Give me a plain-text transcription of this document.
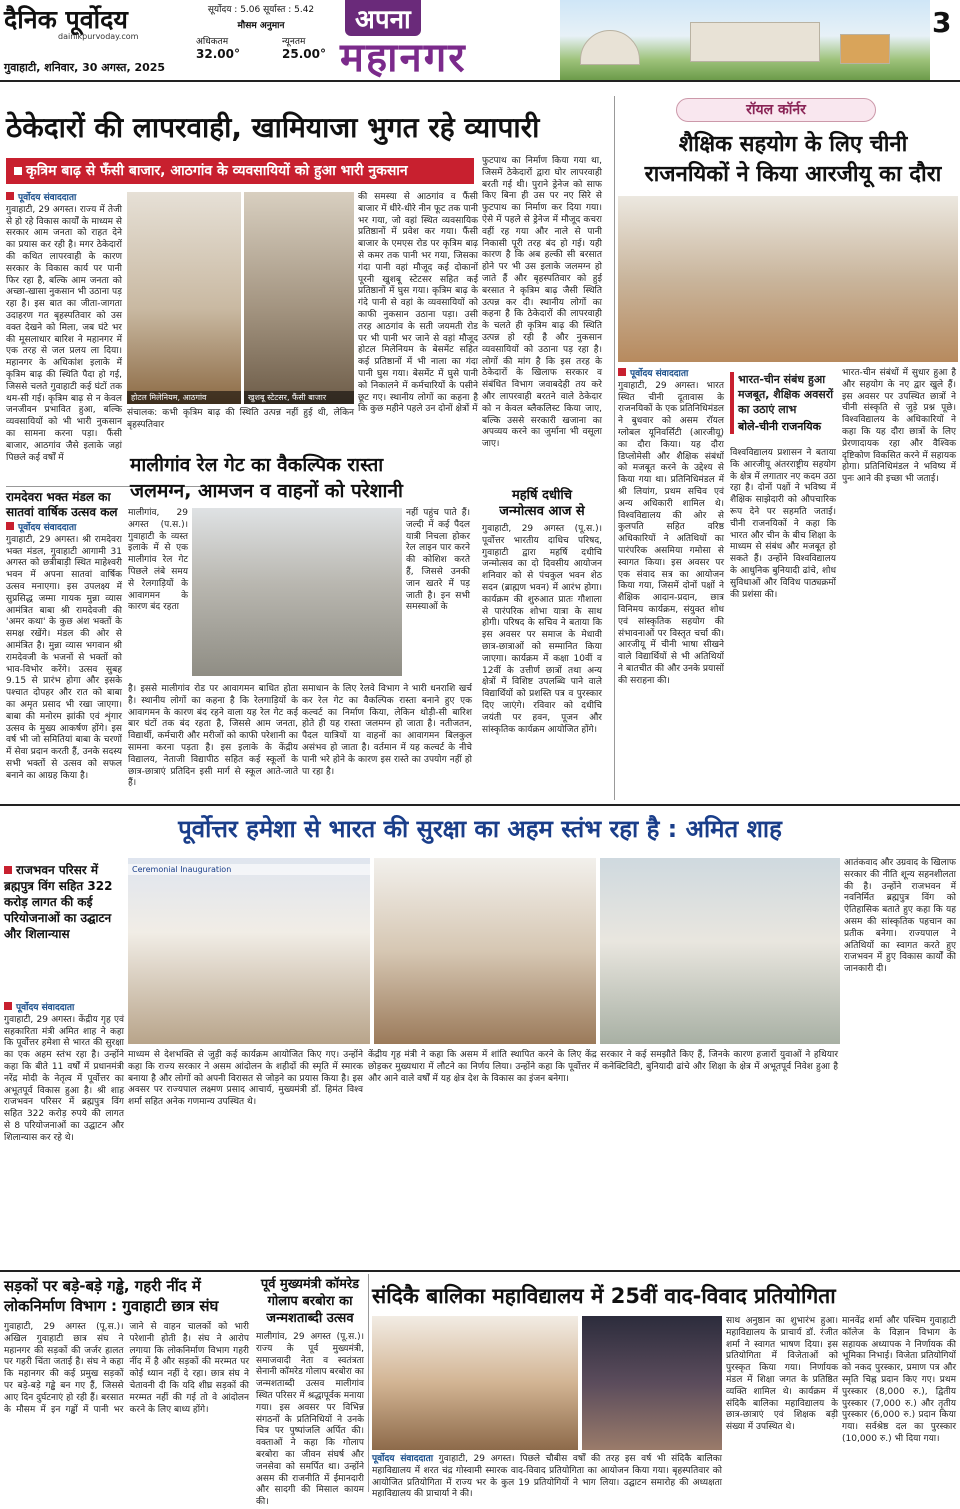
दैनिक पूर्वोदय
dainikpurvoday.com
गुवाहाटी, शनिवार, 30 अगस्त, 2025
सूर्योदय : 5.06 सूर्यास्त : 5.42
मौसम अनुमान
अधिकतम
32.00°
न्यूनतम
25.00°
अपना
महानगर
3
ठेकेदारों की लापरवाही, खामियाजा भुगत रहे व्यापारी
कृत्रिम बाढ़ से फँसी बाजार, आठगांव के व्यवसायियों को हुआ भारी नुकसान
पूर्वोदय संवाददाता
गुवाहाटी, 29 अगस्त। राज्य में तेजी से हो रहे विकास कार्यों के माध्यम से सरकार आम जनता को राहत देने का प्रयास कर रही है। मगर ठेकेदारों की कथित लापरवाही के कारण सरकार के विकास कार्य पर पानी फिर रहा है, बल्कि आम जनता को अच्छा-खासा नुकसान भी उठाना पड़ रहा है। इस बात का जीता-जागता उदाहरण गत बृहस्पतिवार को उस वक्त देखने को मिला, जब घंटे भर की मूसलाधार बारिश ने महानगर में एक तरह से जल प्रलय ला दिया। महानगर के अधिकांश इलाके में कृत्रिम बाढ़ की स्थिति पैदा हो गई, जिससे चलते गुवाहाटी कई घंटों तक थम-सी गई। कृत्रिम बाढ़ से न केवल जनजीवन प्रभावित हुआ, बल्कि व्यवसायियों को भी भारी नुकसान का सामना करना पड़ा। फैंसी बाजार, आठगांव जैसे इलाके जहां पिछले कई वर्षों में
होटल मिलेनियम, आठगांव	खुशबू स्टेटसर, फैंसी बाजार
संचालक: कभी कृत्रिम बाढ़ की स्थिति उत्पन्न नहीं हुई थी, लेकिन बृहस्पतिवार
की समस्या से आठगांव व फैंसी बाजार में धीरे-धीरे नीन फूट तक पानी भर गया, जो वहां स्थित व्यवसायिक प्रतिष्ठानों में प्रवेश कर गया। फैंसी बाजार के एमएस रोड पर कृत्रिम बाढ़ से कमर तक पानी भर गया, जिसका गंदा पानी वहां मौजूद कई दोकानों पूरनी खुशबू स्टेटसर सहित कई प्रतिष्ठानों में घुस गया। कृत्रिम बाढ़ के गंदे पानी से वहां के व्यवसायियों को काफी नुकसान उठाना पड़ा। उसी तरह आठगांव के सती जयमती रोड पर भी पानी भर जाने से वहां मौजूद होटल मिलेनियम के बेसमेंट सहित कई प्रतिष्ठानों में भी नाला का गंदा पानी घुस गया। बेसमेंट में घुसे पानी को निकालने में कर्मचारियों के पसीने छूट गए। स्थानीय लोगों का कहना है कि कुछ महीने पहले उन दोनों क्षेत्रों में
फुटपाथ का निर्माण किया गया था, जिसमें ठेकेदारों द्वारा घोर लापरवाही बरती गई थी। पुराने ड्रेनेज को साफ किए बिना ही उस पर नए सिरे से फुटपाथ का निर्माण कर दिया गया। ऐसे में पहले से ड्रेनेज में मौजूद कचरा वहीं रह गया और नाले से पानी निकासी पूरी तरह बंद हो गई। यही कारण है कि अब हल्की सी बरसात होने पर भी उस इलाके जलमग्न हो जाते हैं और बृहस्पतिवार को हुई बरसात ने कृत्रिम बाढ़ जैसी स्थिति उत्पन्न कर दी। स्थानीय लोगों का कहना है कि ठेकेदारों की लापरवाही के चलते ही कृत्रिम बाढ़ की स्थिति उत्पन्न हो रही है और नुकसान व्यवसायियों को उठाना पड़ रहा है। लोगों की मांग है कि इस तरह के ठेकेदारों के खिलाफ सरकार व संबंधित विभाग जवाबदेही तय करे और लापरवाही बरतने वाले ठेकेदार को न केवल ब्लैकलिस्ट किया जाए, बल्कि उससे सरकारी खजाना का अपव्यय करने का जुर्माना भी वसूला जाए।
रामदेवरा भक्त मंडल का सातवां वार्षिक उत्सव कल
पूर्वोदय संवाददाता
गुवाहाटी, 29 अगस्त। श्री रामदेवरा भक्त मंडल, गुवाहाटी आगामी 31 अगस्त को छत्रीबाड़ी स्थित माहेश्वरी भवन में अपना सातवां वार्षिक उत्सव मनाएगा। इस उपलक्ष्य में सुप्रसिद्ध जम्मा गायक मुन्ना व्यास आमंत्रित बाबा श्री रामदेवजी की 'अमर कथा' के कुछ अंश भक्तों के समक्ष रखेंगे। मंडल की ओर से आमंत्रित है। मुन्ना व्यास भगवान श्री रामदेवजी के भजनों से भक्तों को भाव-विभोर करेंगे। उत्सव सुबह 9.15 से प्रारंभ होगा और इसके पश्चात दोपहर और रात को बाबा का अमृत प्रसाद भी रखा जाएगा। बाबा की मनोरम झांकी एवं शृंगार उत्सव के मुख्य आकर्षण होंगे। इस वर्ष भी जो समितियां बाबा के चरणों में सेवा प्रदान करती हैं, उनके सदस्य सभी भक्तों से उत्सव को सफल बनाने का आग्रह किया है।
मालीगांव रेल गेट का वैकल्पिक रास्ता
जलमग्न, आमजन व वाहनों को परेशानी
मालीगांव, 29 अगस्त (प.स.)। गुवाहाटी के व्यस्त इलाके में से एक मालीगांव रेल गेट पिछले लंबे समय से रेलगाड़ियों के आवागमन के कारण बंद रहता
नहीं पहुंच पाते हैं। जल्दी में कई पैदल यात्री निचला होकर रेल लाइन पार करने की कोशिश करते हैं, जिससे उनकी जान खतरे में पड़ जाती है। इन सभी समस्याओं के
है। इससे मालीगांव रोड पर आवागमन बाधित होता है। स्थानीय लोगों का कहना है कि रेलगाड़ियों के आवागमन के कारण बंद रहने वाला यह रेल गेट कई बार घंटों तक बंद रहता है, जिससे आम जनता, विद्यार्थी, कर्मचारी और मरीजों को काफी परेशानी का सामना करना पड़ता है। इस इलाके के केंद्रीय विद्यालय, नेताजी विद्यापीठ सहित कई स्कूलों के छात्र-छात्राएं प्रतिदिन इसी मार्ग से स्कूल आते-जाते हैं।
समाधान के लिए रेलवे विभाग ने भारी धनराशि खर्च कर रेल गेट का वैकल्पिक रास्ता बनाने हुए एक कल्वर्ट का निर्माण किया, लेकिन थोड़ी-सी बारिश होते ही यह रास्ता जलमग्न हो जाता है। नतीजतन, पैदल यात्रियों या वाहनों का आवागमन बिलकुल असंभव हो जाता है। वर्तमान में यह कल्वर्ट के नीचे पानी भरे होने के कारण इस रास्ते का उपयोग नहीं हो पा रहा है।
महर्षि दधीचि
जन्मोत्सव आज से
गुवाहाटी, 29 अगस्त (पू.स.)। पूर्वोत्तर भारतीय दाधिच परिषद, गुवाहाटी द्वारा महर्षि दधीचि जन्मोत्सव का दो दिवसीय आयोजन शनिवार को से पंचकुल भवन शेठ सदन (ब्राह्मण भवन) में आरंभ होगा। कार्यक्रम की शुरुआत प्रातः गौशाला से पारंपरिक शोभा यात्रा के साथ होगी। परिषद के सचिव ने बताया कि इस अवसर पर समाज के मेधावी छात्र-छात्राओं को सम्मानित किया जाएगा। कार्यक्रम में कक्षा 10वीं व 12वीं के उत्तीर्ण छात्रों तथा अन्य क्षेत्रों में विशिष्ट उपलब्धि पाने वाले विद्यार्थियों को प्रशस्ति पत्र व पुरस्कार दिए जाएंगे। रविवार को दधीचि जयंती पर हवन, पूजन और सांस्कृतिक कार्यक्रम आयोजित होंगे।
रॉयल कॉर्नर
शैक्षिक सहयोग के लिए चीनी
राजनयिकों ने किया आरजीयू का दौरा
पूर्वोदय संवाददाता
गुवाहाटी, 29 अगस्त। भारत स्थित चीनी दूतावास के राजनयिकों के एक प्रतिनिधिमंडल ने बुधवार को असम रॉयल ग्लोबल यूनिवर्सिटी (आरजीयू) का दौरा किया। यह दौरा डिप्लोमेसी और शैक्षिक संबंधों को मजबूत करने के उद्देश्य से किया गया था। प्रतिनिधिमंडल में श्री लियांग, प्रथम सचिव एवं अन्य अधिकारी शामिल थे। विश्वविद्यालय की ओर से कुलपति सहित वरिष्ठ अधिकारियों ने अतिथियों का पारंपरिक असमिया गमोसा से स्वागत किया। इस अवसर पर एक संवाद सत्र का आयोजन किया गया, जिसमें दोनों पक्षों ने शैक्षिक आदान-प्रदान, छात्र विनिमय कार्यक्रम, संयुक्त शोध एवं सांस्कृतिक सहयोग की संभावनाओं पर विस्तृत चर्चा की। आरजीयू में चीनी भाषा सीखने वाले विद्यार्थियों से भी अतिथियों ने बातचीत की और उनके प्रयासों की सराहना की।
भारत-चीन संबंध हुआ मजबूत, शैक्षिक अवसरों का उठाएं लाभ
बोले-चीनी राजनयिक
विश्वविद्यालय प्रशासन ने बताया कि आरजीयू अंतरराष्ट्रीय सहयोग के क्षेत्र में लगातार नए कदम उठा रहा है। दोनों पक्षों ने भविष्य में शैक्षिक साझेदारी को औपचारिक रूप देने पर सहमति जताई। चीनी राजनयिकों ने कहा कि भारत और चीन के बीच शिक्षा के माध्यम से संबंध और मजबूत हो सकते हैं। उन्होंने विश्वविद्यालय के आधुनिक बुनियादी ढांचे, शोध सुविधाओं और विविध पाठ्यक्रमों की प्रशंसा की।
भारत-चीन संबंधों में सुधार हुआ है और सहयोग के नए द्वार खुले हैं। इस अवसर पर उपस्थित छात्रों ने चीनी संस्कृति से जुड़े प्रश्न पूछे। विश्वविद्यालय के अधिकारियों ने कहा कि यह दौरा छात्रों के लिए प्रेरणादायक रहा और वैश्विक दृष्टिकोण विकसित करने में सहायक होगा। प्रतिनिधिमंडल ने भविष्य में पुनः आने की इच्छा भी जताई।
पूर्वोत्तर हमेशा से भारत की सुरक्षा का अहम स्तंभ रहा है : अमित शाह
राजभवन परिसर में ब्रह्मपुत्र विंग सहित 322 करोड़ लागत की कई परियोजनाओं का उद्घाटन और शिलान्यास
पूर्वोदय संवाददाता
गुवाहाटी, 29 अगस्त। केंद्रीय गृह एवं सहकारिता मंत्री अमित शाह ने कहा कि पूर्वोत्तर हमेशा से भारत की सुरक्षा का एक अहम स्तंभ रहा है। उन्होंने कहा कि बीते 11 वर्षों में प्रधानमंत्री नरेंद्र मोदी के नेतृत्व में पूर्वोत्तर का अभूतपूर्व विकास हुआ है। श्री शाह राजभवन परिसर में ब्रह्मपुत्र विंग सहित 322 करोड़ रुपये की लागत से 8 परियोजनाओं का उद्घाटन और शिलान्यास कर रहे थे।
Ceremonial Inauguration
आतंकवाद और उग्रवाद के खिलाफ सरकार की नीति शून्य सहनशीलता की है। उन्होंने राजभवन में नवनिर्मित ब्रह्मपुत्र विंग को ऐतिहासिक बताते हुए कहा कि यह असम की सांस्कृतिक पहचान का प्रतीक बनेगा। राज्यपाल ने अतिथियों का स्वागत करते हुए राजभवन में हुए विकास कार्यों की जानकारी दी।
माध्यम से देशभक्ति से जुड़ी कई कार्यक्रम आयोजित किए गए। उन्होंने कहा कि राज्य सरकार ने असम आंदोलन के शहीदों की स्मृति में स्मारक बनाया है और लोगों को अपनी विरासत से जोड़ने का प्रयास किया है। इस अवसर पर राज्यपाल लक्ष्मण प्रसाद आचार्य, मुख्यमंत्री डॉ. हिमंत विश्व शर्मा सहित अनेक गणमान्य उपस्थित थे।
केंद्रीय गृह मंत्री ने कहा कि असम में शांति स्थापित करने के लिए केंद्र सरकार ने कई समझौते किए हैं, जिनके कारण हजारों युवाओं ने हथियार छोड़कर मुख्यधारा में लौटने का निर्णय लिया। उन्होंने कहा कि पूर्वोत्तर में कनेक्टिविटी, बुनियादी ढांचे और शिक्षा के क्षेत्र में अभूतपूर्व निवेश हुआ है और आने वाले वर्षों में यह क्षेत्र देश के विकास का इंजन बनेगा।
सड़कों पर बड़े-बड़े गड्ढे, गहरी नींद में
लोकनिर्माण विभाग : गुवाहाटी छात्र संघ
गुवाहाटी, 29 अगस्त (पू.स.)। अखिल गुवाहाटी छात्र संघ ने महानगर की सड़कों की जर्जर हालत पर गहरी चिंता जताई है। संघ ने कहा कि महानगर की कई प्रमुख सड़कों पर बड़े-बड़े गड्ढे बन गए हैं, जिससे आए दिन दुर्घटनाएं हो रही हैं। बरसात के मौसम में इन गड्ढों में पानी भर जाने से वाहन चालकों को भारी परेशानी होती है। संघ ने आरोप लगाया कि लोकनिर्माण विभाग गहरी नींद में है और सड़कों की मरम्मत पर कोई ध्यान नहीं दे रहा। छात्र संघ ने चेतावनी दी कि यदि शीघ्र सड़कों की मरम्मत नहीं की गई तो वे आंदोलन करने के लिए बाध्य होंगे।
पूर्व मुख्यमंत्री कॉमरेड
गोलाप बरबोरा का
जन्मशताब्दी उत्सव
मालीगांव, 29 अगस्त (पू.स.)। राज्य के पूर्व मुख्यमंत्री, समाजवादी नेता व स्वतंत्रता सेनानी कॉमरेड गोलाप बरबोरा का जन्मशताब्दी उत्सव मालीगांव स्थित परिसर में श्रद्धापूर्वक मनाया गया। इस अवसर पर विभिन्न संगठनों के प्रतिनिधियों ने उनके चित्र पर पुष्पांजलि अर्पित की। वक्ताओं ने कहा कि गोलाप बरबोरा का जीवन संघर्ष और जनसेवा को समर्पित था। उन्होंने असम की राजनीति में ईमानदारी और सादगी की मिसाल कायम की।
संदिकै बालिका महाविद्यालय में 25वीं वाद-विवाद प्रतियोगिता
पूर्वोदय संवाददाता गुवाहाटी, 29 अगस्त। पिछले चौबीस वर्षों की तरह इस वर्ष भी संदिकै बालिका महाविद्यालय में शरत चंद्र गोस्वामी स्मारक वाद-विवाद प्रतियोगिता का आयोजन किया गया। बृहस्पतिवार को आयोजित प्रतियोगिता में राज्य भर के कुल 19 प्रतियोगियों ने भाग लिया। उद्घाटन समारोह की अध्यक्षता महाविद्यालय की प्राचार्या ने की।
साथ अनुष्ठान का शुभारंभ हुआ। महाविद्यालय के प्राचार्य डॉ. रंजीत शर्मा ने स्वागत भाषण दिया। इस प्रतियोगिता में विजेताओं को पुरस्कृत किया गया। निर्णायक मंडल में शिक्षा जगत के प्रतिष्ठित व्यक्ति शामिल थे। कार्यक्रम में संदिकै बालिका महाविद्यालय के छात्र-छात्राएं एवं शिक्षक बड़ी संख्या में उपस्थित थे।
मानवेंद्र शर्मा और पश्चिम गुवाहाटी कॉलेज के विज्ञान विभाग के सहायक अध्यापक ने निर्णायक की भूमिका निभाई। विजेता प्रतियोगियों को नकद पुरस्कार, प्रमाण पत्र और स्मृति चिह्न प्रदान किए गए। प्रथम पुरस्कार (8,000 रु.), द्वितीय पुरस्कार (7,000 रु.) और तृतीय पुरस्कार (6,000 रु.) प्रदान किया गया। सर्वश्रेष्ठ दल का पुरस्कार (10,000 रु.) भी दिया गया।
